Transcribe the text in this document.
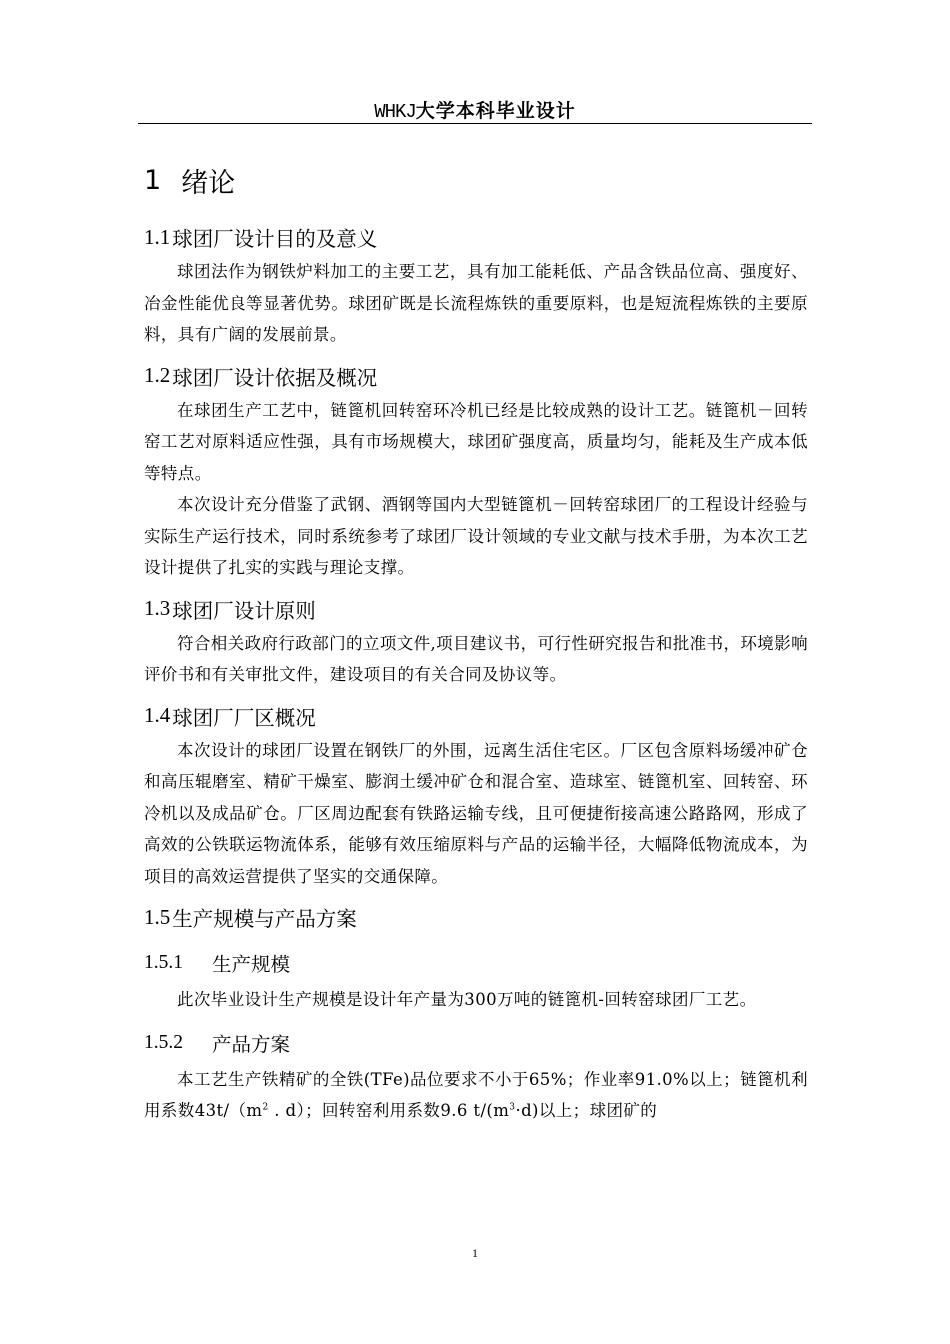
WHKJ大学本科毕业设计
1 绪论
1.1 球团厂设计目的及意义

球团法作为钢铁炉料加工的主要工艺，具有加工能耗低、产品含铁品位高、强度好、冶金性能优良等显著优势。球团矿既是长流程炼铁的重要原料，也是短流程炼铁的主要原料，具有广阔的发展前景。

1.2 球团厂设计依据及概况

在球团生产工艺中，链篦机回转窑环冷机已经是比较成熟的设计工艺。链篦机－回转窑工艺对原料适应性强，具有市场规模大，球团矿强度高，质量均匀，能耗及生产成本低等特点。

本次设计充分借鉴了武钢、酒钢等国内大型链篦机－回转窑球团厂的工程设计经验与实际生产运行技术，同时系统参考了球团厂设计领域的专业文献与技术手册，为本次工艺设计提供了扎实的实践与理论支撑。

1.3 球团厂设计原则

符合相关政府行政部门的立项文件,项目建议书，可行性研究报告和批准书，环境影响评价书和有关审批文件，建设项目的有关合同及协议等。

1.4 球团厂厂区概况

本次设计的球团厂设置在钢铁厂的外围，远离生活住宅区。厂区包含原料场缓冲矿仓和高压辊磨室、精矿干燥室、膨润土缓冲矿仓和混合室、造球室、链篦机室、回转窑、环冷机以及成品矿仓。厂区周边配套有铁路运输专线，且可便捷衔接高速公路路网，形成了高效的公铁联运物流体系，能够有效压缩原料与产品的运输半径，大幅降低物流成本，为项目的高效运营提供了坚实的交通保障。

1.5 生产规模与产品方案
1.5.1	生产规模

此次毕业设计生产规模是设计年产量为300万吨的链篦机-回转窑球团厂工艺。

1.5.2	产品方案

本工艺生产铁精矿的全铁(TFe)品位要求不小于65%；作业率91.0%以上；链篦机利用系数$43t/(m^2$ . d）；回转窑利用系数9.6 $t/(m^3\cdot d)$以上；球团矿的

1
